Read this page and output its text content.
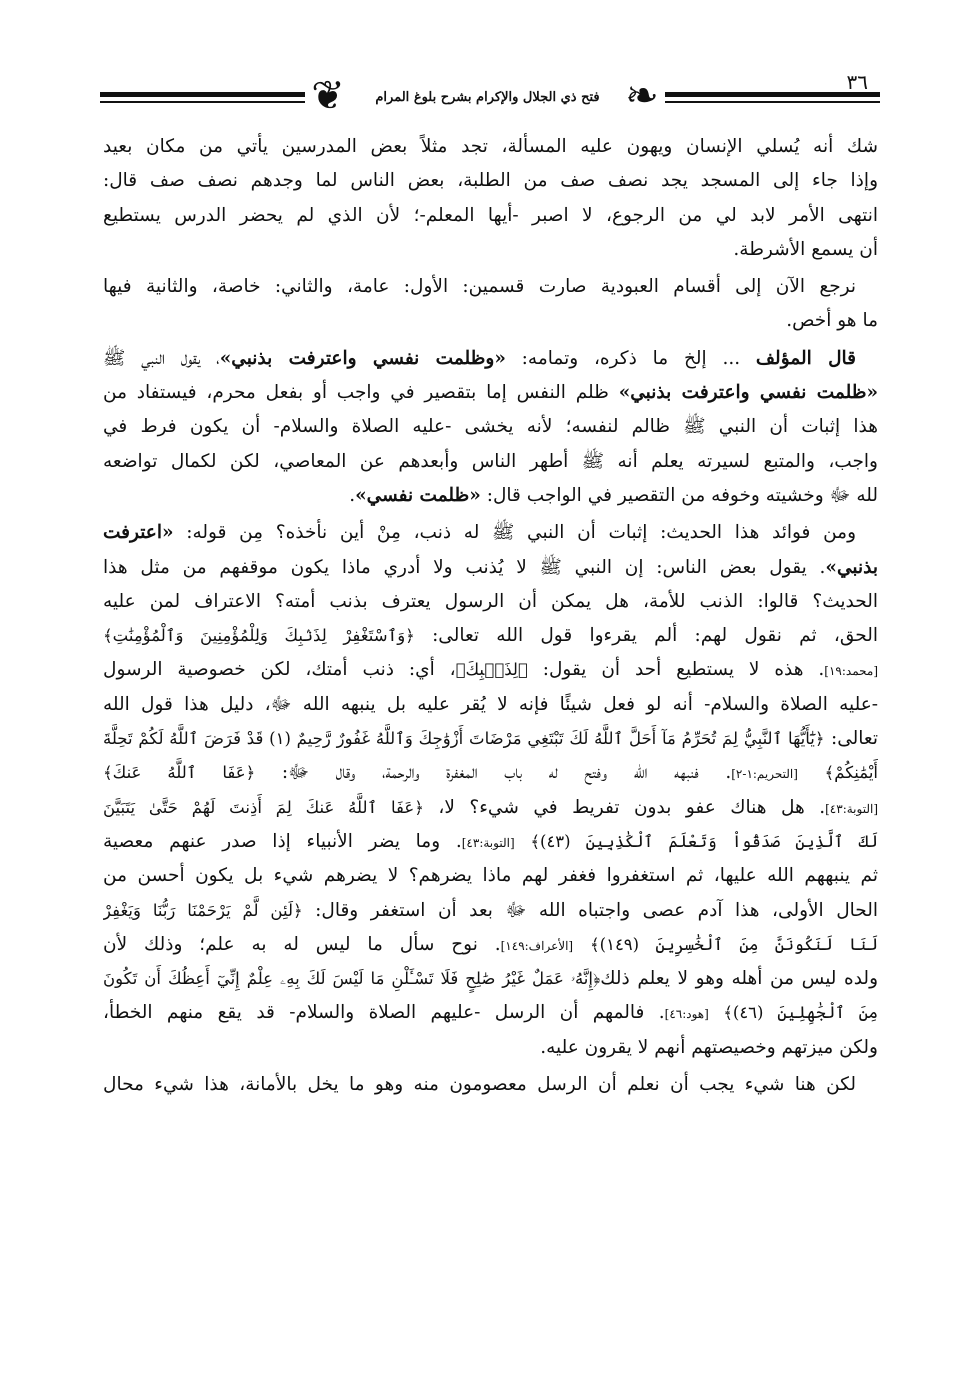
٣٦
❦	فتح ذي الجلال والإكرام بشرح بلوغ المرام ❧
شك أنه يُسلي الإنسان ويهون عليه المسألة، تجد مثلاً بعض المدرسين يأتي من مكان بعيد
وإذا جاء إلى المسجد يجد نصف صف من الطلبة، بعض الناس لما وجدهم نصف صف قال:
انتهى الأمر لابد لي من الرجوع، لا اصبر -أيها المعلم-؛ لأن الذي لم يحضر الدرس يستطيع
أن يسمع الأشرطة.
نرجع الآن إلى أقسام العبودية صارت قسمين: الأول: عامة، والثاني: خاصة، والثانية فيها
ما هو أخص.
قال المؤلف ... إلخ ما ذكره، وتمامه: «وظلمت نفسي واعترفت بذنبي»، يقول النبي ﷺ
«ظلمت نفسي واعترفت بذنبي» ظلم النفس إما بتقصير في واجب أو بفعل محرم، فيستفاد من
هذا إثبات أن النبي ﷺ ظالم لنفسه؛ لأنه يخشى -عليه الصلاة والسلام- أن يكون فرط في
واجب، والمتبع لسيرته يعلم أنه ﷺ أطهر الناس وأبعدهم عن المعاصي، لكن لكمال تواضعه
لله ﷻ وخشيته وخوفه من التقصير في الواجب قال: «ظلمت نفسي».
ومن فوائد هذا الحديث: إثبات أن النبي ﷺ له ذنب، مِنْ أين نأخذه؟ مِن قوله: «اعترفت
بذنبي». يقول بعض الناس: إن النبي ﷺ لا يُذنب ولا أدري ماذا يكون موقفهم من مثل هذا
الحديث؟ قالوا: الذنب للأمة، هل يمكن أن الرسول يعترف بذنب أمته؟ الاعتراف لمن عليه
الحق، ثم نقول لهم: ألم يقرءوا قول الله تعالى: ﴿وَٱسْتَغْفِرْ لِذَنۢبِكَ وَلِلْمُؤْمِنِينَ وَٱلْمُؤْمِنَٰتِ﴾
[محمد:١٩]. هذه لا يستطيع أحد أن يقول: ﴿لِذَنۢبِكَ﴾، أي: ذنب أمتك، لكن خصوصية الرسول
-عليه الصلاة والسلام- أنه لو فعل شيئًا فإنه لا يُقر عليه بل ينبهه الله ﷻ، دليل هذا قول الله
تعالى: ﴿يَٰٓأَيُّهَا ٱلنَّبِيُّ لِمَ تُحَرِّمُ مَآ أَحَلَّ ٱللَّهُ لَكَ تَبْتَغِي مَرْضَاتَ أَزْوَٰجِكَ وَٱللَّهُ غَفُورٌ رَّحِيمٌ (١) قَدْ فَرَضَ ٱللَّهُ لَكُمْ تَحِلَّةَ
أَيْمَٰنِكُمْ﴾ [التحريم:١-٢]. فنبهه الله وفتح له باب المغفرة والرحمة، وقال ﷻ: ﴿عَفَا ٱللَّهُ عَنكَ﴾
[التوبة:٤٣]. هل هناك عفو بدون تفريط في شيء؟ لا، ﴿عَفَا ٱللَّهُ عَنكَ لِمَ أَذِنتَ لَهُمْ حَتَّىٰ يَتَبَيَّنَ
لَكَ ٱلَّذِينَ صَدَقُواْ وَتَعْلَمَ ٱلْكَٰذِبِينَ (٤٣)﴾ [التوبة:٤٣]. وما يضر الأنبياء إذا صدر عنهم معصية
ثم ينبههم الله عليها، ثم استغفروا فغفر لهم ماذا يضرهم؟ لا يضرهم شيء بل يكون أحسن من
الحال الأولى، هذا آدم عصى واجتباه الله ﷻ بعد أن استغفر وقال: ﴿لَئِن لَّمْ يَرْحَمْنَا رَبُّنَا وَيَغْفِرْ
لَنَا لَنَكُونَنَّ مِنَ ٱلْخَٰسِرِينَ (١٤٩)﴾ [الأعراف:١٤٩]. نوح سأل ما ليس له به علم؛ وذلك لأن
ولده ليس من أهله وهو لا يعلم ذلك﴿إِنَّهُۥ عَمَلٌ غَيْرُ صَٰلِحٍ فَلَا تَسْـَٔلْنِ مَا لَيْسَ لَكَ بِهِۦ عِلْمٌ إِنِّيٓ أَعِظُكَ أَن تَكُونَ
مِنَ ٱلْجَٰهِلِينَ (٤٦)﴾ [هود:٤٦]. فالمهم أن الرسل -عليهم الصلاة والسلام- قد يقع منهم الخطأ،
ولكن ميزتهم وخصيصتهم أنهم لا يقرون عليه.
لكن هنا شيء يجب أن نعلم أن الرسل معصومون منه وهو ما يخل بالأمانة، هذا شيء محال
